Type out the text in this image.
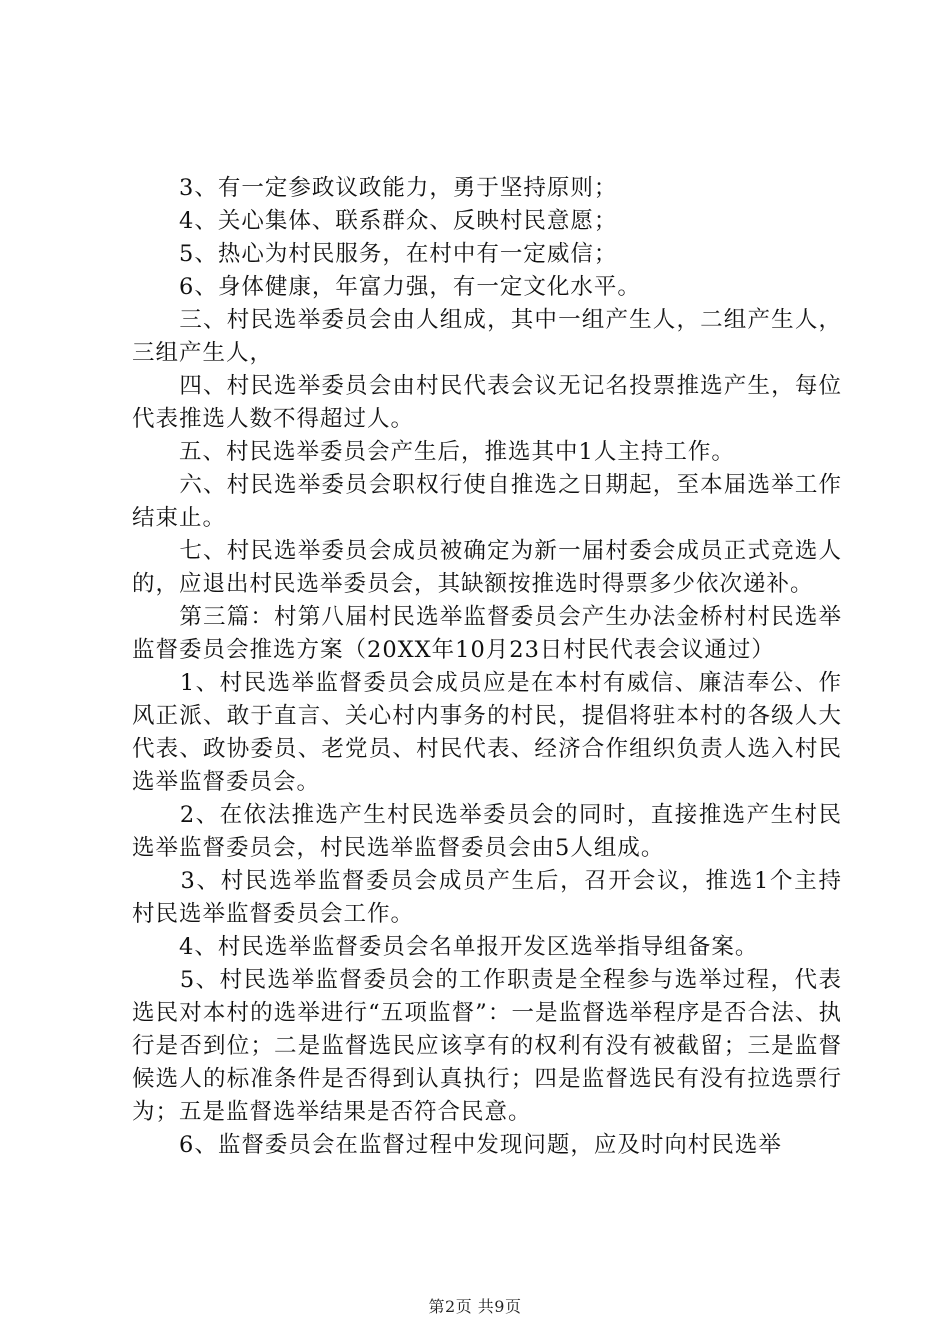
　　3、有一定参政议政能力，勇于坚持原则；

　　4、关心集体、联系群众、反映村民意愿；

　　5、热心为村民服务，在村中有一定威信；

　　6、身体健康，年富力强，有一定文化水平。

　　三、村民选举委员会由人组成，其中一组产生人，二组产生人，三组产生人，

　　四、村民选举委员会由村民代表会议无记名投票推选产生，每位代表推选人数不得超过人。

　　五、村民选举委员会产生后，推选其中1人主持工作。

　　六、村民选举委员会职权行使自推选之日期起，至本届选举工作结束止。

　　七、村民选举委员会成员被确定为新一届村委会成员正式竞选人的，应退出村民选举委员会，其缺额按推选时得票多少依次递补。

　　第三篇：村第八届村民选举监督委员会产生办法金桥村村民选举监督委员会推选方案（20XX年10月23日村民代表会议通过）

　　1、村民选举监督委员会成员应是在本村有威信、廉洁奉公、作风正派、敢于直言、关心村内事务的村民，提倡将驻本村的各级人大代表、政协委员、老党员、村民代表、经济合作组织负责人选入村民选举监督委员会。

　　2、在依法推选产生村民选举委员会的同时，直接推选产生村民选举监督委员会，村民选举监督委员会由5人组成。

　　3、村民选举监督委员会成员产生后，召开会议，推选1个主持村民选举监督委员会工作。

　　4、村民选举监督委员会名单报开发区选举指导组备案。

　　5、村民选举监督委员会的工作职责是全程参与选举过程，代表选民对本村的选举进行“五项监督”：一是监督选举程序是否合法、执行是否到位；二是监督选民应该享有的权利有没有被截留；三是监督候选人的标准条件是否得到认真执行；四是监督选民有没有拉选票行为；五是监督选举结果是否符合民意。

　　6、监督委员会在监督过程中发现问题，应及时向村民选举

第2页 共9页
